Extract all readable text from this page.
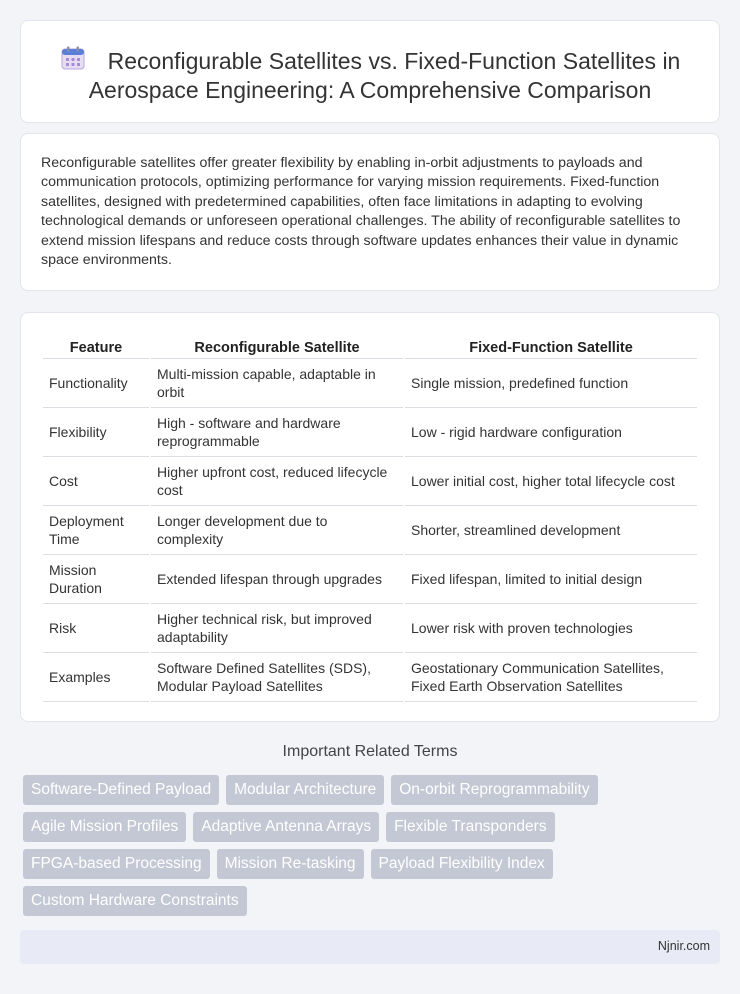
Reconfigurable Satellites vs. Fixed-Function Satellites in Aerospace Engineering: A Comprehensive Comparison

Reconfigurable satellites offer greater flexibility by enabling in-orbit adjustments to payloads and communication protocols, optimizing performance for varying mission requirements. Fixed-function satellites, designed with predetermined capabilities, often face limitations in adapting to evolving technological demands or unforeseen operational challenges. The ability of reconfigurable satellites to extend mission lifespans and reduce costs through software updates enhances their value in dynamic space environments.

Feature	Reconfigurable Satellite	Fixed-Function Satellite
Functionality	Multi-mission capable, adaptable in orbit	Single mission, predefined function
Flexibility	High - software and hardware reprogrammable	Low - rigid hardware configuration
Cost	Higher upfront cost, reduced lifecycle cost	Lower initial cost, higher total lifecycle cost
Deployment Time	Longer development due to complexity	Shorter, streamlined development
Mission Duration	Extended lifespan through upgrades	Fixed lifespan, limited to initial design
Risk	Higher technical risk, but improved adaptability	Lower risk with proven technologies
Examples	Software Defined Satellites (SDS), Modular Payload Satellites	Geostationary Communication Satellites, Fixed Earth Observation Satellites
Important Related Terms
Software-Defined Payload	Modular Architecture	On-orbit Reprogrammability
Agile Mission Profiles	Adaptive Antenna Arrays	Flexible Transponders
FPGA-based Processing	Mission Re-tasking	Payload Flexibility Index
Custom Hardware Constraints
Njnir.com
